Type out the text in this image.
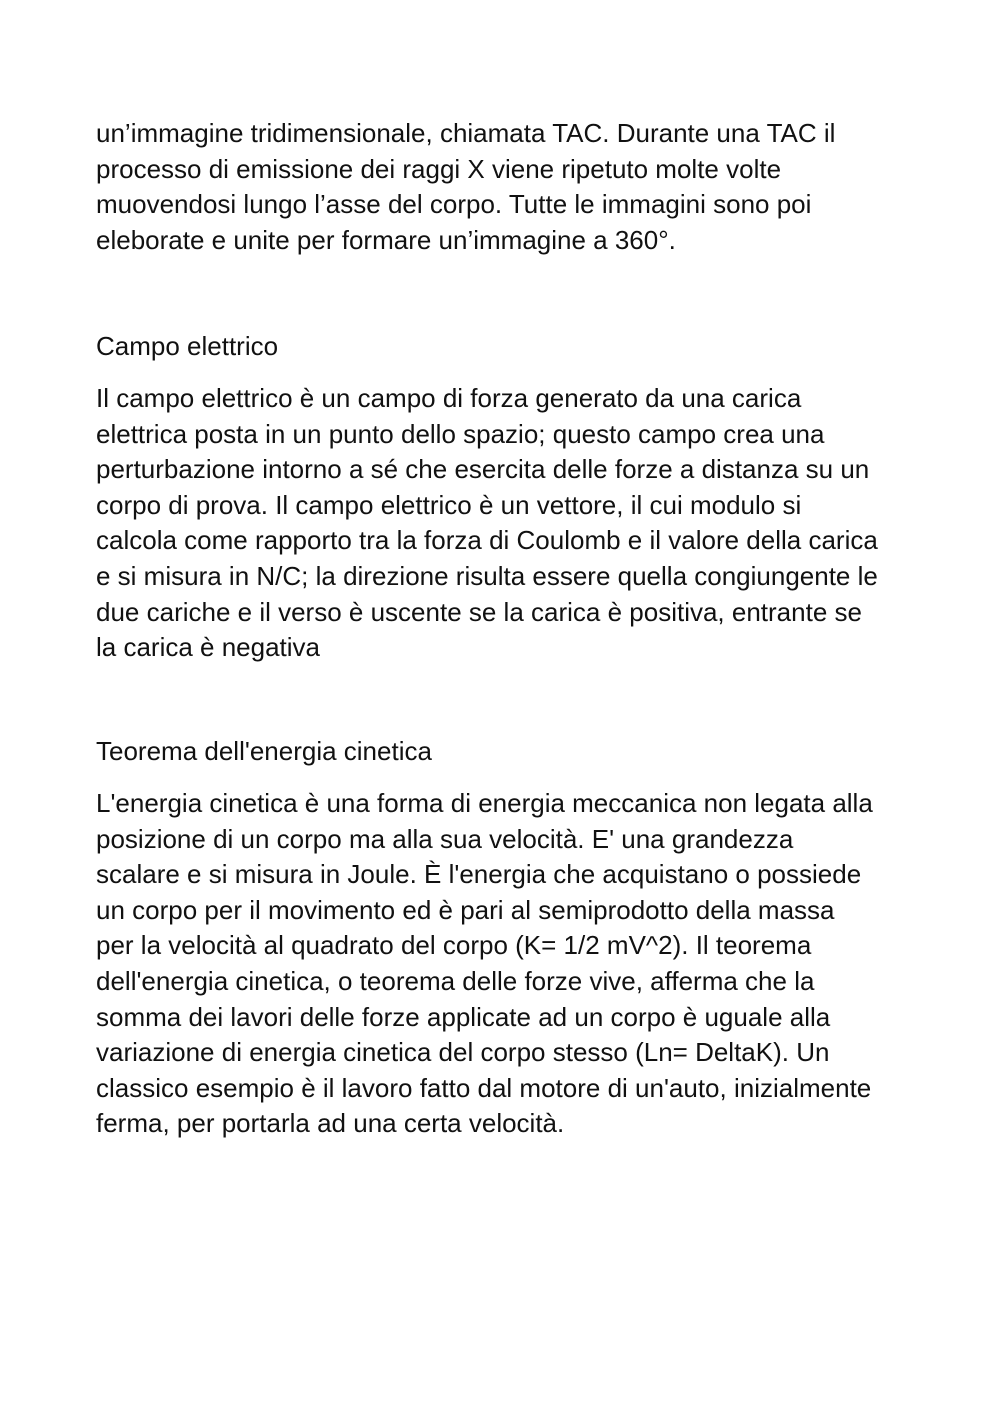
un’immagine tridimensionale, chiamata TAC. Durante una TAC il
processo di emissione dei raggi X viene ripetuto molte volte
muovendosi lungo l’asse del corpo. Tutte le immagini sono poi
eleborate e unite per formare un’immagine a 360°.

Campo elettrico

Il campo elettrico è un campo di forza generato da una carica
elettrica posta in un punto dello spazio; questo campo crea una
perturbazione intorno a sé che esercita delle forze a distanza su un
corpo di prova. Il campo elettrico è un vettore, il cui modulo si
calcola come rapporto tra la forza di Coulomb e il valore della carica
e si misura in N/C; la direzione risulta essere quella congiungente le
due cariche e il verso è uscente se la carica è positiva, entrante se
la carica è negativa

Teorema dell'energia cinetica

L'energia cinetica è una forma di energia meccanica non legata alla
posizione di un corpo ma alla sua velocità. E' una grandezza
scalare e si misura in Joule. È l'energia che acquistano o possiede
un corpo per il movimento ed è pari al semiprodotto della massa
per la velocità al quadrato del corpo (K= 1/2 mV^2). Il teorema
dell'energia cinetica, o teorema delle forze vive, afferma che la
somma dei lavori delle forze applicate ad un corpo è uguale alla
variazione di energia cinetica del corpo stesso (Ln= DeltaK). Un
classico esempio è il lavoro fatto dal motore di un'auto, inizialmente
ferma, per portarla ad una certa velocità.
